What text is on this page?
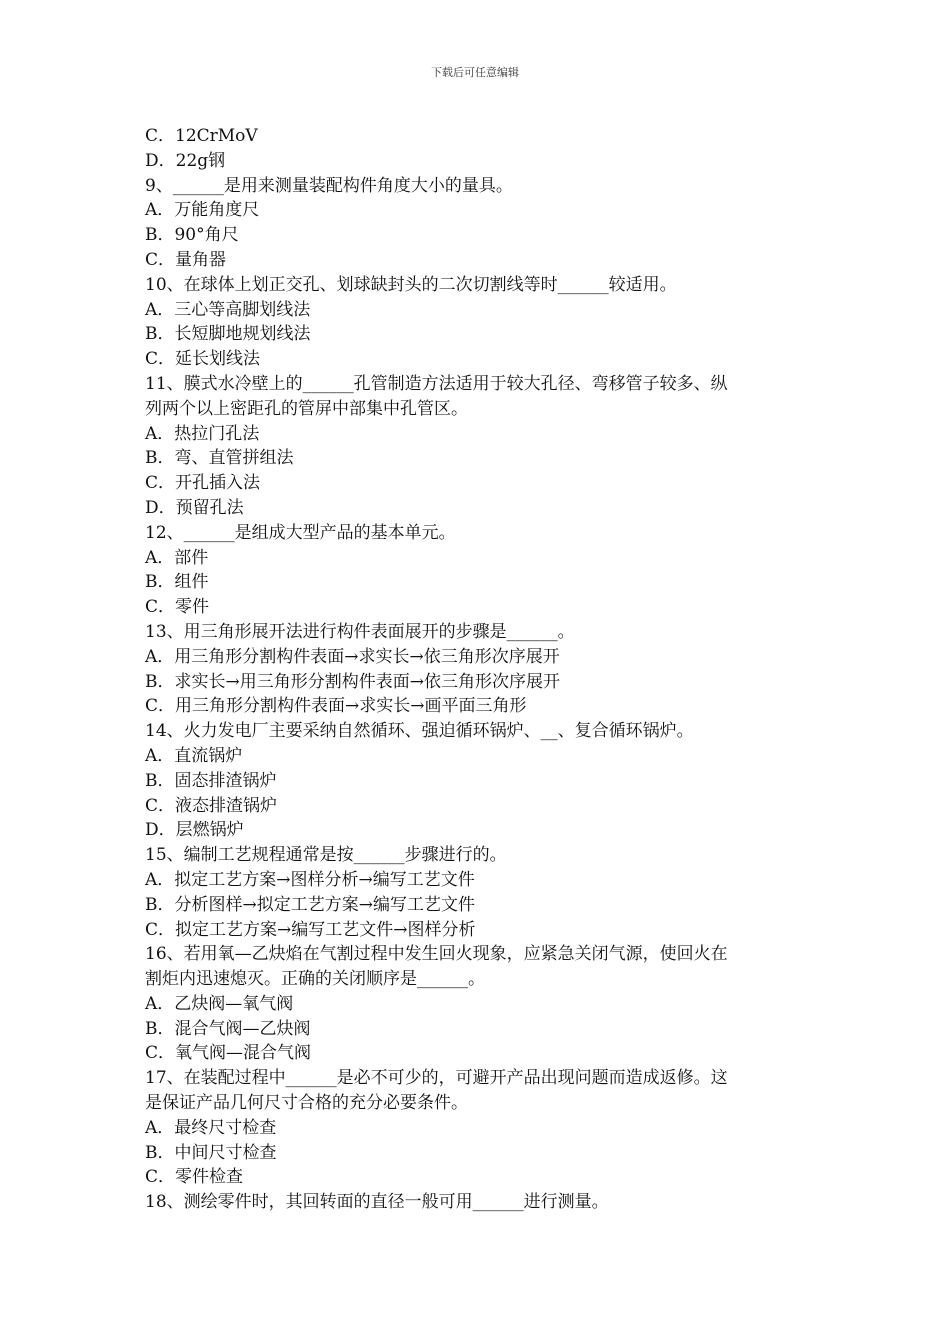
下载后可任意编辑
C．12CrMoV
D．22g钢
9、______是用来测量装配构件角度大小的量具。
A．万能角度尺
B．90°角尺
C．量角器
10、在球体上划正交孔、划球缺封头的二次切割线等时______较适用。
A．三心等高脚划线法
B．长短脚地规划线法
C．延长划线法
11、膜式水冷壁上的______孔管制造方法适用于较大孔径、弯移管子较多、纵
列两个以上密距孔的管屏中部集中孔管区。
A．热拉门孔法
B．弯、直管拼组法
C．开孔插入法
D．预留孔法
12、______是组成大型产品的基本单元。
A．部件
B．组件
C．零件
13、用三角形展开法进行构件表面展开的步骤是______。
A．用三角形分割构件表面→求实长→依三角形次序展开
B．求实长→用三角形分割构件表面→依三角形次序展开
C．用三角形分割构件表面→求实长→画平面三角形
14、火力发电厂主要采纳自然循环、强迫循环锅炉、__、复合循环锅炉。
A．直流锅炉
B．固态排渣锅炉
C．液态排渣锅炉
D．层燃锅炉
15、编制工艺规程通常是按______步骤进行的。
A．拟定工艺方案→图样分析→编写工艺文件
B．分析图样→拟定工艺方案→编写工艺文件
C．拟定工艺方案→编写工艺文件→图样分析
16、若用氧—乙炔焰在气割过程中发生回火现象，应紧急关闭气源，使回火在
割炬内迅速熄灭。正确的关闭顺序是______。
A．乙炔阀—氧气阀
B．混合气阀—乙炔阀
C．氧气阀—混合气阀
17、在装配过程中______是必不可少的，可避开产品出现问题而造成返修。这
是保证产品几何尺寸合格的充分必要条件。
A．最终尺寸检查
B．中间尺寸检查
C．零件检查
18、测绘零件时，其回转面的直径一般可用______进行测量。
